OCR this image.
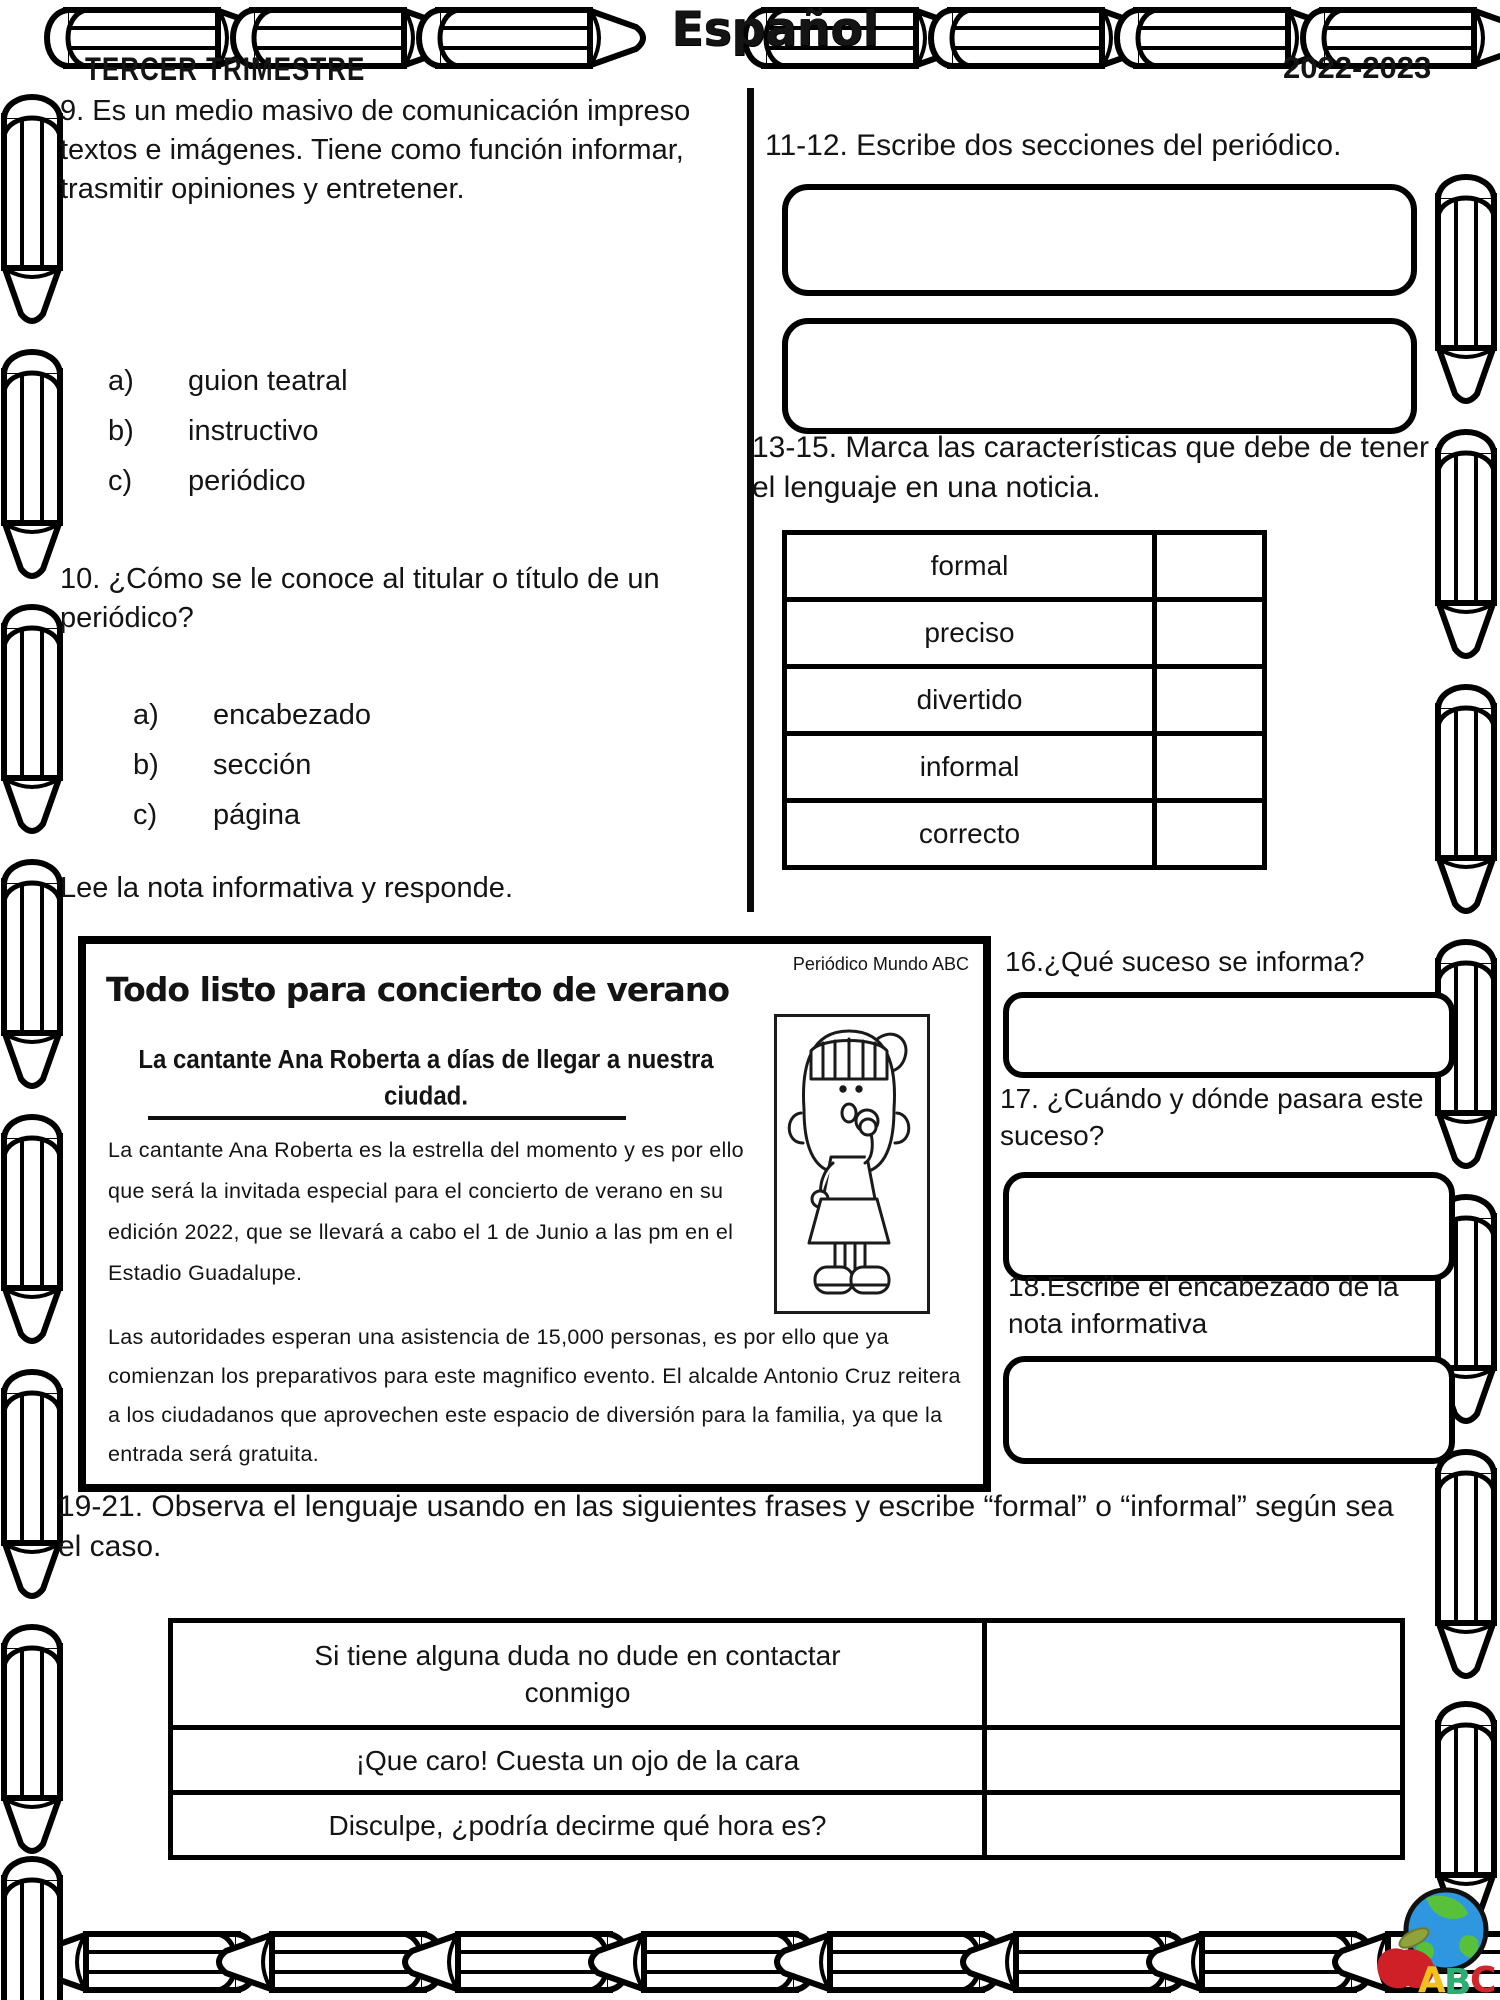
TERCER TRIMESTRE
Español
2022-2023
9. Es un medio masivo de comunicación impreso textos e imágenes. Tiene como función informar, trasmitir opiniones y entretener.
a)	guion teatral
b)	instructivo
c)	periódico
10. ¿Cómo se le conoce al titular o título de un periódico?
a)	encabezado
b)	sección
c)	página
Lee la nota informativa y responde.
Periódico Mundo ABC
Todo listo para concierto de verano
La cantante Ana Roberta a días de llegar a nuestra ciudad.
La cantante Ana Roberta es la estrella del momento y es por ello que será la invitada especial para el concierto de verano en su edición 2022, que se llevará a cabo el 1 de Junio a las pm en el Estadio Guadalupe.
Las autoridades esperan una asistencia de 15,000 personas, es por ello que ya comienzan los preparativos para este magnifico evento. El alcalde Antonio Cruz reitera a los ciudadanos que aprovechen este espacio de diversión para la familia, ya que la entrada será gratuita.
11-12. Escribe dos secciones del periódico.
13-15. Marca las características que debe de tener el lenguaje en una noticia.
formal
preciso
divertido
informal
correcto
16.¿Qué suceso se informa?
17. ¿Cuándo y dónde pasara este suceso?
18.Escribe el encabezado de la nota informativa
19-21. Observa el lenguaje usando en las siguientes frases y escribe “formal” o “informal” según sea el caso.
Si tiene alguna duda no dude en contactar conmigo
¡Que caro! Cuesta un ojo de la cara
Disculpe, ¿podría decirme qué hora es?
A
B
C
